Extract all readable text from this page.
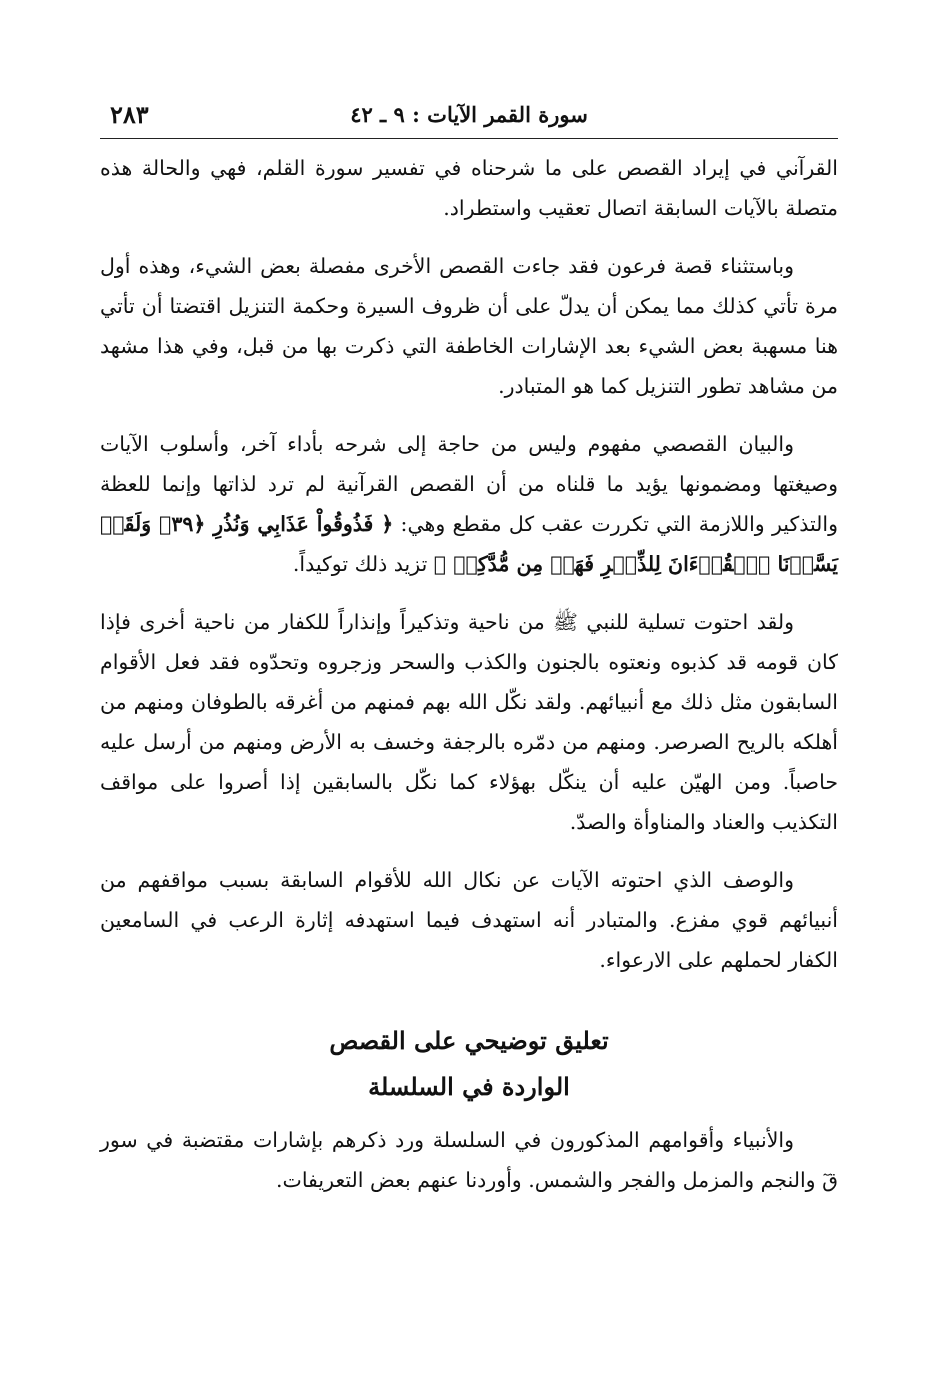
سورة القمر الآيات : ٩ ـ ٤٢
٢٨٣

القرآني في إيراد القصص على ما شرحناه في تفسير سورة القلم، فهي والحالة هذه متصلة بالآيات السابقة اتصال تعقيب واستطراد.

وباستثناء قصة فرعون فقد جاءت القصص الأخرى مفصلة بعض الشيء، وهذه أول مرة تأتي كذلك مما يمكن أن يدلّ على أن ظروف السيرة وحكمة التنزيل اقتضتا أن تأتي هنا مسهبة بعض الشيء بعد الإشارات الخاطفة التي ذكرت بها من قبل، وفي هذا مشهد من مشاهد تطور التنزيل كما هو المتبادر.

والبيان القصصي مفهوم وليس من حاجة إلى شرحه بأداء آخر، وأسلوب الآيات وصيغتها ومضمونها يؤيد ما قلناه من أن القصص القرآنية لم ترد لذاتها وإنما للعظة والتذكير واللازمة التي تكررت عقب كل مقطع وهي: ﴿ فَذُوقُواْ عَذَابِي وَنُذُرِ ﴿٣٩﴾ وَلَقَدۡ يَسَّرۡنَا ٱلۡقُرۡءَانَ لِلذِّكۡرِ فَهَلۡ مِن مُّدَّكِرٖ ﴾ تزيد ذلك توكيداً.

ولقد احتوت تسلية للنبي ﷺ من ناحية وتذكيراً وإنذاراً للكفار من ناحية أخرى فإذا كان قومه قد كذبوه ونعتوه بالجنون والكذب والسحر وزجروه وتحدّوه فقد فعل الأقوام السابقون مثل ذلك مع أنبيائهم. ولقد نكّل الله بهم فمنهم من أغرقه بالطوفان ومنهم من أهلكه بالريح الصرصر. ومنهم من دمّره بالرجفة وخسف به الأرض ومنهم من أرسل عليه حاصباً. ومن الهيّن عليه أن ينكّل بهؤلاء كما نكّل بالسابقين إذا أصروا على مواقف التكذيب والعناد والمناوأة والصدّ.

والوصف الذي احتوته الآيات عن نكال الله للأقوام السابقة بسبب مواقفهم من أنبيائهم قوي مفزع. والمتبادر أنه استهدف فيما استهدفه إثارة الرعب في السامعين الكفار لحملهم على الارعواء.

تعليق توضيحي على القصص
الواردة في السلسلة

والأنبياء وأقوامهم المذكورون في السلسلة ورد ذكرهم بإشارات مقتضبة في سور قٓ والنجم والمزمل والفجر والشمس. وأوردنا عنهم بعض التعريفات.
